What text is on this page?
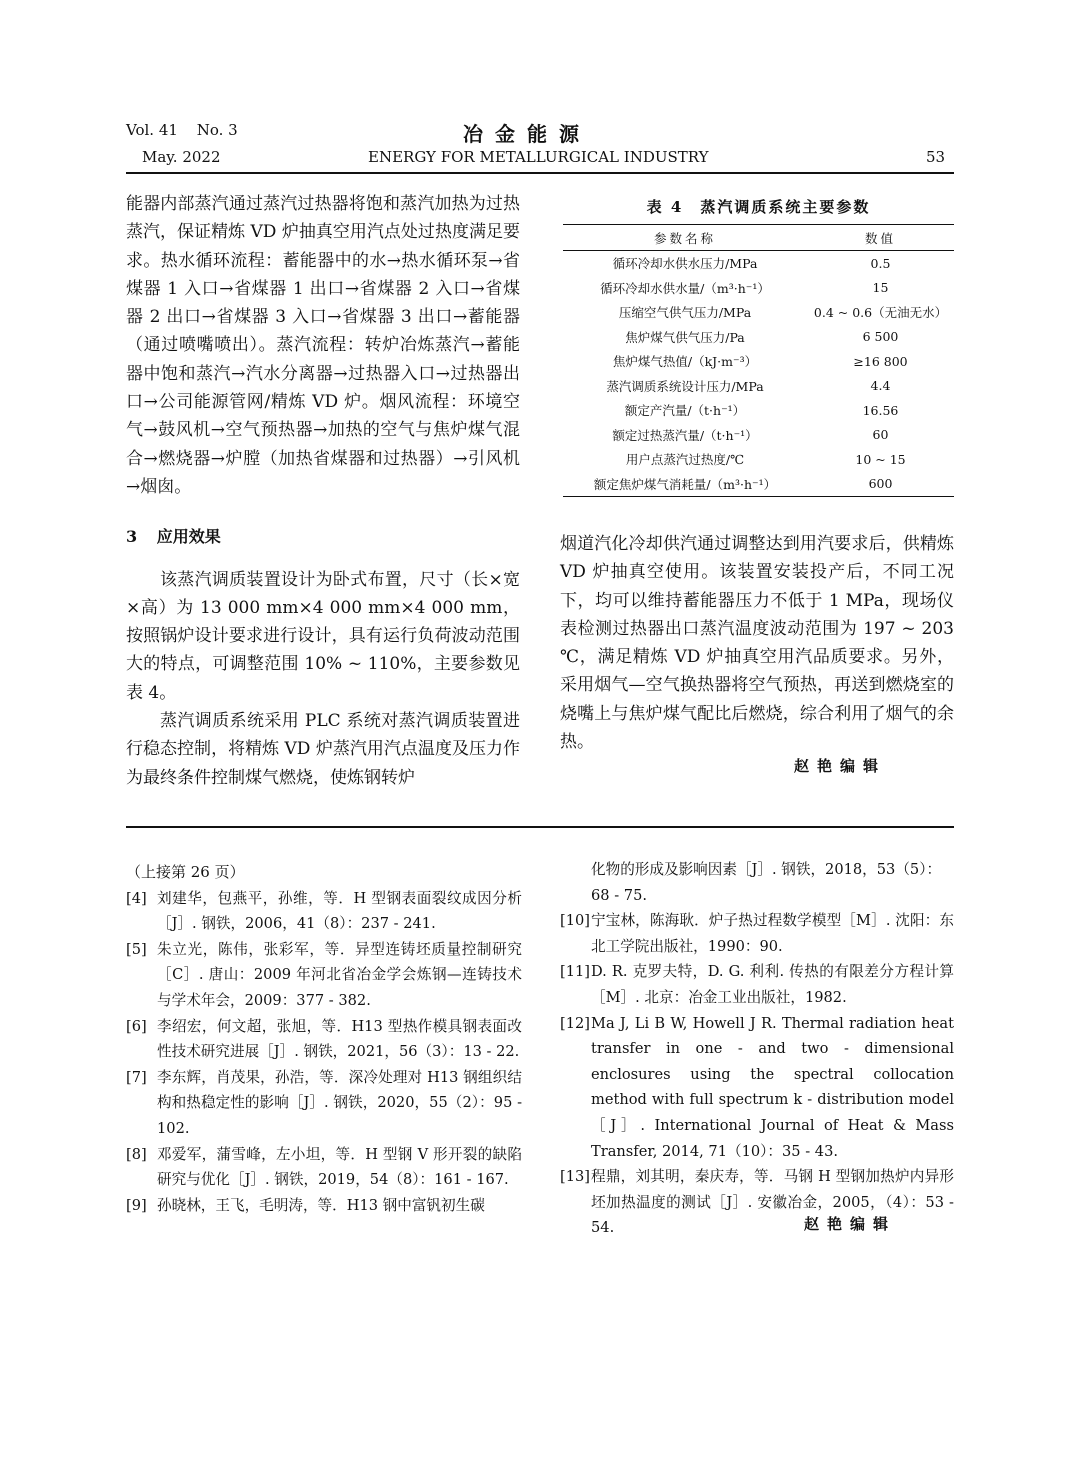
Vol. 41 No. 3
May. 2022
冶金能源
ENERGY FOR METALLURGICAL INDUSTRY	53

能器内部蒸汽通过蒸汽过热器将饱和蒸汽加热为过热蒸汽，保证精炼 VD 炉抽真空用汽点处过热度满足要求。热水循环流程：蓄能器中的水→热水循环泵→省煤器 1 入口→省煤器 1 出口→省煤器 2 入口→省煤器 2 出口→省煤器 3 入口→省煤器 3 出口→蓄能器（通过喷嘴喷出）。蒸汽流程：转炉冶炼蒸汽→蓄能器中饱和蒸汽→汽水分离器→过热器入口→过热器出口→公司能源管网/精炼 VD 炉。烟风流程：环境空气→鼓风机→空气预热器→加热的空气与焦炉煤气混合→燃烧器→炉膛（加热省煤器和过热器）→引风机→烟囱。

3 应用效果

该蒸汽调质装置设计为卧式布置，尺寸（长×宽×高）为 13 000 mm×4 000 mm×4 000 mm，按照锅炉设计要求进行设计，具有运行负荷波动范围大的特点，可调整范围 10% ~ 110%，主要参数见表 4。

蒸汽调质系统采用 PLC 系统对蒸汽调质装置进行稳态控制，将精炼 VD 炉蒸汽用汽点温度及压力作为最终条件控制煤气燃烧，使炼钢转炉

表 4　蒸汽调质系统主要参数
参数名称	数值
循环冷却水供水压力/MPa	0.5
循环冷却水供水量/（m³·h⁻¹）	15
压缩空气供气压力/MPa	0.4 ~ 0.6（无油无水）
焦炉煤气供气压力/Pa	6 500
焦炉煤气热值/（kJ·m⁻³）	≥16 800
蒸汽调质系统设计压力/MPa	4.4
额定产汽量/（t·h⁻¹）	16.56
额定过热蒸汽量/（t·h⁻¹）	60
用户点蒸汽过热度/℃	10 ~ 15
额定焦炉煤气消耗量/（m³·h⁻¹）	600

烟道汽化冷却供汽通过调整达到用汽要求后，供精炼 VD 炉抽真空使用。该装置安装投产后，不同工况下，均可以维持蓄能器压力不低于 1 MPa，现场仪表检测过热器出口蒸汽温度波动范围为 197 ~ 203 ℃，满足精炼 VD 炉抽真空用汽品质要求。另外，采用烟气—空气换热器将空气预热，再送到燃烧室的烧嘴上与焦炉煤气配比后燃烧，综合利用了烟气的余热。

赵艳编辑
（上接第 26 页）
[4] 刘建华，包燕平，孙维，等．H 型钢表面裂纹成因分析［J］. 钢铁，2006，41（8）：237 - 241.
[5] 朱立光，陈伟，张彩军，等．异型连铸坯质量控制研究［C］. 唐山：2009 年河北省冶金学会炼钢—连铸技术与学术年会，2009：377 - 382.
[6] 李绍宏，何文超，张旭，等．H13 型热作模具钢表面改性技术研究进展［J］. 钢铁，2021，56（3）：13 - 22.
[7] 李东辉，肖茂果，孙浩，等．深冷处理对 H13 钢组织结构和热稳定性的影响［J］. 钢铁，2020，55（2）：95 - 102.
[8] 邓爱军，蒲雪峰，左小坦，等．H 型钢 V 形开裂的缺陷研究与优化［J］. 钢铁，2019，54（8）：161 - 167.
[9] 孙晓林，王飞，毛明涛，等．H13 钢中富钒初生碳
化物的形成及影响因素［J］. 钢铁，2018，53（5）：68 - 75.
[10] 宁宝林，陈海耿．炉子热过程数学模型［M］. 沈阳：东北工学院出版社，1990：90.
[11] D. R. 克罗夫特，D. G. 利利. 传热的有限差分方程计算［M］. 北京：冶金工业出版社，1982.
[12] Ma J, Li B W, Howell J R. Thermal radiation heat transfer in one - and two - dimensional enclosures using the spectral collocation method with full spectrum k - distribution model［J］. International Journal of Heat & Mass Transfer, 2014, 71（10）：35 - 43.
[13] 程鼎，刘其明，秦庆寿，等．马钢 H 型钢加热炉内异形坯加热温度的测试［J］. 安徽冶金，2005，（4）：53 - 54.	赵艳编辑
